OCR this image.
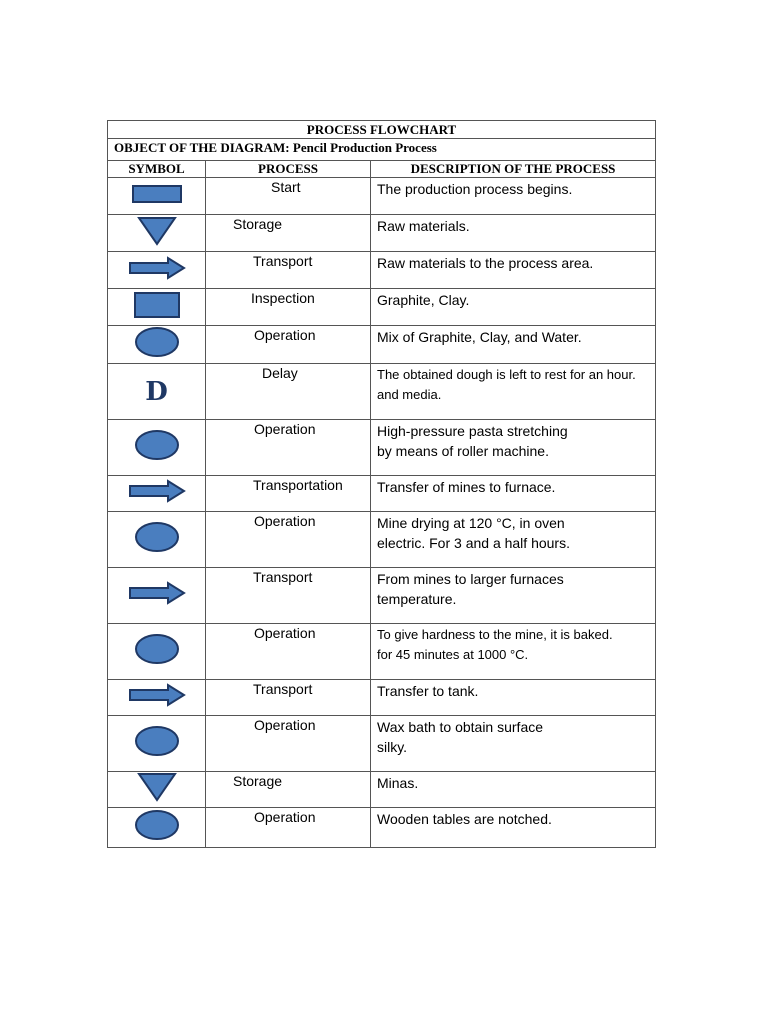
PROCESS FLOWCHART		
OBJECT OF THE DIAGRAM: Pencil Production Process		
SYMBOL	PROCESS	DESCRIPTION OF THE PROCESS
	Start	The production process begins.

	Storage	Raw materials.

	Transport	Raw materials to the process area.

	Inspection	Graphite, Clay.

	Operation	Mix of Graphite, Clay, and Water.

D	Delay	The obtained dough is left to rest for an hour.
and media.

	Operation	High-pressure pasta stretching
by means of roller machine.

	Transportation	Transfer of mines to furnace.

	Operation	Mine drying at 120 °C, in oven
electric. For 3 and a half hours.

	Transport	From mines to larger furnaces
temperature.

	Operation	To give hardness to the mine, it is baked.
for 45 minutes at 1000 °C.

	Transport	Transfer to tank.

	Operation	Wax bath to obtain surface
silky.

	Storage	Minas.

	Operation	Wooden tables are notched.
